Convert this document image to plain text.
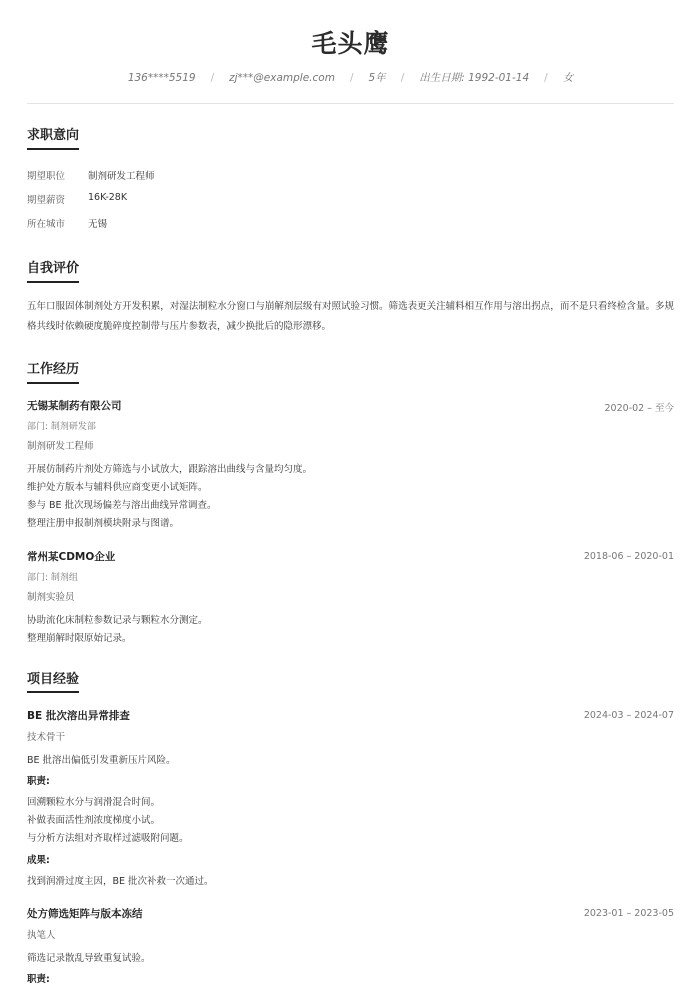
毛头鹰
136****5519 / zj***@example.com / 5年 / 出生日期: 1992-01-14 / 女
求职意向
期望职位 制剂研发工程师
期望薪资 16K-28K
所在城市 无锡
自我评价
五年口服固体制剂处方开发积累，对湿法制粒水分窗口与崩解剂层级有对照试验习惯。筛选表更关注辅料相互作用与溶出拐点，而不是只看终检含量。多规格共线时依赖硬度脆碎度控制带与压片参数表，减少换批后的隐形漂移。
工作经历
无锡某制药有限公司	2020-02 – 至今
部门: 制剂研发部
制剂研发工程师
开展仿制药片剂处方筛选与小试放大，跟踪溶出曲线与含量均匀度。
维护处方版本与辅料供应商变更小试矩阵。
参与 BE 批次现场偏差与溶出曲线异常调查。
整理注册申报制剂模块附录与图谱。
常州某CDMO企业	2018-06 – 2020-01
部门: 制剂组
制剂实验员
协助流化床制粒参数记录与颗粒水分测定。
整理崩解时限原始记录。
项目经验
BE 批次溶出异常排查	2024-03 – 2024-07
技术骨干
BE 批溶出偏低引发重新压片风险。
职责:
回溯颗粒水分与润滑混合时间。
补做表面活性剂浓度梯度小试。
与分析方法组对齐取样过滤吸附问题。
成果:
找到润滑过度主因，BE 批次补救一次通过。
处方筛选矩阵与版本冻结	2023-01 – 2023-05
执笔人
筛选记录散乱导致重复试验。
职责:
